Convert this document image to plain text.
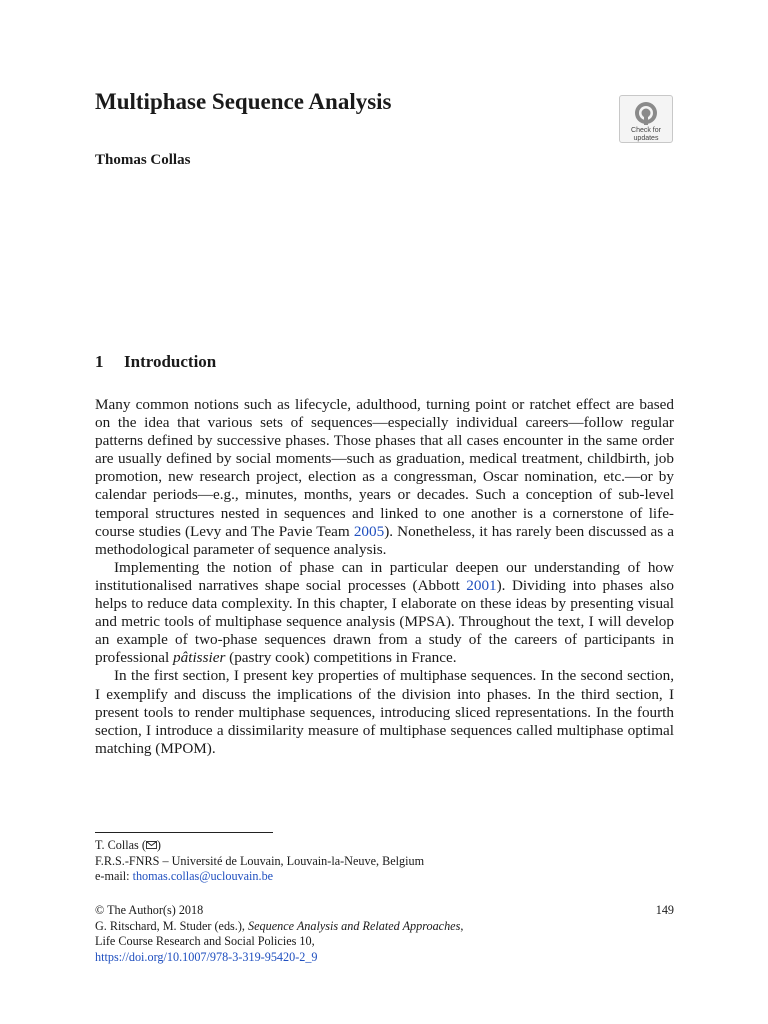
Multiphase Sequence Analysis
Check for
updates
Thomas Collas
1 Introduction

Many common notions such as lifecycle, adulthood, turning point or ratchet effect are based on the idea that various sets of sequences—especially individual careers—follow regular patterns defined by successive phases. Those phases that all cases encounter in the same order are usually defined by social moments—such as graduation, medical treatment, childbirth, job promotion, new research project, election as a congressman, Oscar nomination, etc.—or by calendar periods—e.g., minutes, months, years or decades. Such a conception of sub-level temporal structures nested in sequences and linked to one another is a cornerstone of life-course studies (Levy and The Pavie Team 2005). Nonetheless, it has rarely been discussed as a methodological parameter of sequence analysis.

Implementing the notion of phase can in particular deepen our understanding of how institutionalised narratives shape social processes (Abbott 2001). Dividing into phases also helps to reduce data complexity. In this chapter, I elaborate on these ideas by presenting visual and metric tools of multiphase sequence analysis (MPSA). Throughout the text, I will develop an example of two-phase sequences drawn from a study of the careers of participants in professional pâtissier (pastry cook) competitions in France.

In the first section, I present key properties of multiphase sequences. In the second section, I exemplify and discuss the implications of the division into phases. In the third section, I present tools to render multiphase sequences, introducing sliced representations. In the fourth section, I introduce a dissimilarity measure of multiphase sequences called multiphase optimal matching (MPOM).

T. Collas ( )
F.R.S.-FNRS – Université de Louvain, Louvain-la-Neuve, Belgium
e-mail: thomas.collas@uclouvain.be
© The Author(s) 2018
G. Ritschard, M. Studer (eds.), Sequence Analysis and Related Approaches,
Life Course Research and Social Policies 10,
https://doi.org/10.1007/978-3-319-95420-2_9
149
